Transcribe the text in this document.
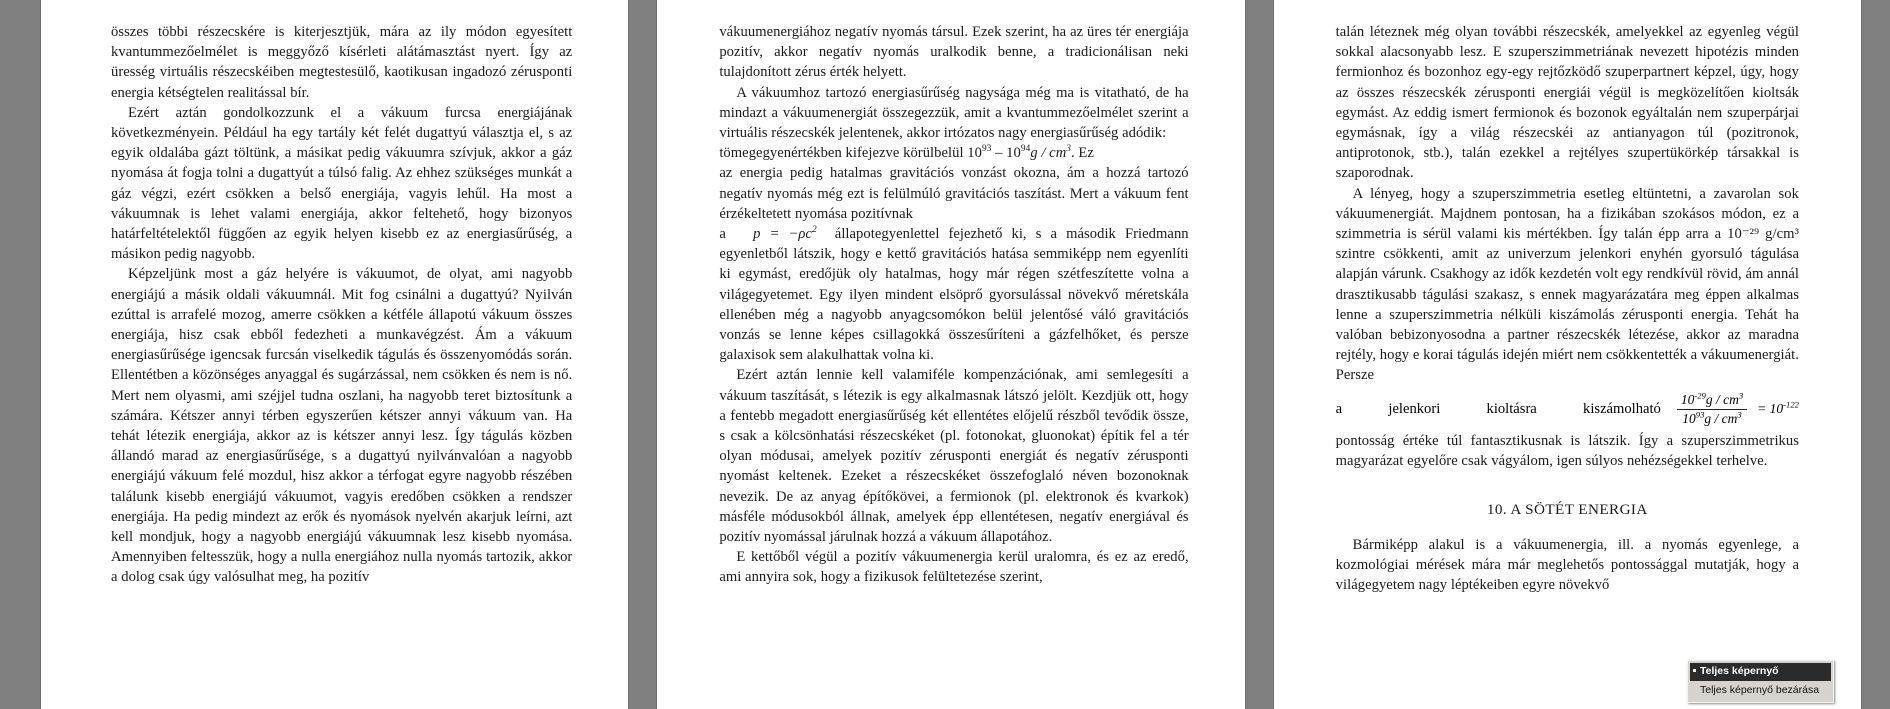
összes többi részecskére is kiterjesztjük, mára az ily módon egyesített kvantummezőelmélet is meggyőző kísérleti alátámasztást nyert. Így az üresség virtuális részecskéiben megtestesülő, kaotikusan ingadozó zérusponti energia kétségtelen realitással bír.

Ezért aztán gondolkozzunk el a vákuum furcsa energiájának következményein. Például ha egy tartály két felét dugattyú választja el, s az egyik oldalába gázt töltünk, a másikat pedig vákuumra szívjuk, akkor a gáz nyomása át fogja tolni a dugattyút a túlsó falig. Az ehhez szükséges munkát a gáz végzi, ezért csökken a belső energiája, vagyis lehűl. Ha most a vákuumnak is lehet valami energiája, akkor feltehető, hogy bizonyos határfeltételektől függően az egyik helyen kisebb ez az energiasűrűség, a másikon pedig nagyobb.

Képzeljünk most a gáz helyére is vákuumot, de olyat, ami nagyobb energiájú a másik oldali vákuumnál. Mit fog csinálni a dugattyú? Nyilván ezúttal is arrafelé mozog, amerre csökken a kétféle állapotú vákuum összes energiája, hisz csak ebből fedezheti a munkavégzést. Ám a vákuum energiasűrűsége igencsak furcsán viselkedik tágulás és összenyomódás során. Ellentétben a közönséges anyaggal és sugárzással, nem csökken és nem is nő. Mert nem olyasmi, ami széjjel tudna oszlani, ha nagyobb teret biztosítunk a számára. Kétszer annyi térben egyszerűen kétszer annyi vákuum van. Ha tehát létezik energiája, akkor az is kétszer annyi lesz. Így tágulás közben állandó marad az energiasűrűsége, s a dugattyú nyilvánvalóan a nagyobb energiájú vákuum felé mozdul, hisz akkor a térfogat egyre nagyobb részében találunk kisebb energiájú vákuumot, vagyis eredőben csökken a rendszer energiája. Ha pedig mindezt az erők és nyomások nyelvén akarjuk leírni, azt kell mondjuk, hogy a nagyobb energiájú vákuumnak lesz kisebb nyomása. Amennyiben feltesszük, hogy a nulla energiához nulla nyomás tartozik, akkor a dolog csak úgy valósulhat meg, ha pozitív

vákuumenergiához negatív nyomás társul. Ezek szerint, ha az üres tér energiája pozitív, akkor negatív nyomás uralkodik benne, a tradicionálisan neki tulajdonított zérus érték helyett.

A vákuumhoz tartozó energiasűrűség nagysága még ma is vitatható, de ha mindazt a vákuumenergiát összegezzük, amit a kvantummezőelmélet szerint a virtuális részecskék jelentenek, akkor irtózatos nagy energiasűrűség adódik:

tömegegyenértékben kifejezve körülbelül $10^{93} - 10^{94}g / cm^3$. Ez

az energia pedig hatalmas gravitációs vonzást okozna, ám a hozzá tartozó negatív nyomás még ezt is felülmúló gravitációs taszítást. Mert a vákuum fent érzékeltetett nyomása pozitívnak

a $p = -\rho c^2$ állapotegyenlettel fejezhető ki, s a második Friedmann egyenletből látszik, hogy e kettő gravitációs hatása semmiképp nem egyenlíti ki egymást, eredőjük oly hatalmas, hogy már régen szétfeszítette volna a világegyetemet. Egy ilyen mindent elsöprő gyorsulással növekvő méretskála ellenében még a nagyobb anyagcsomókon belül jelentősé váló gravitációs vonzás se lenne képes csillagokká összesűríteni a gázfelhőket, és persze galaxisok sem alakulhattak volna ki.

Ezért aztán lennie kell valamiféle kompenzációnak, ami semlegesíti a vákuum taszítását, s létezik is egy alkalmasnak látszó jelölt. Kezdjük ott, hogy a fentebb megadott energiasűrűség két ellentétes előjelű részből tevődik össze, s csak a kölcsönhatási részecskéket (pl. fotonokat, gluonokat) építik fel a tér olyan módusai, amelyek pozitív zérusponti energiát és negatív zérusponti nyomást keltenek. Ezeket a részecskéket összefoglaló néven bozonoknak nevezik. De az anyag építőkövei, a fermionok (pl. elektronok és kvarkok) másféle módusokból állnak, amelyek épp ellentétesen, negatív energiával és pozitív nyomással járulnak hozzá a vákuum állapotához.

E kettőből végül a pozitív vákuumenergia kerül uralomra, és ez az eredő, ami annyira sok, hogy a fizikusok felültetezése szerint,

talán léteznek még olyan további részecskék, amelyekkel az egyenleg végül sokkal alacsonyabb lesz. E szuperszimmetriának nevezett hipotézis minden fermionhoz és bozonhoz egy-egy rejtőzködő szuperpartnert képzel, úgy, hogy az összes részecskék zérusponti energiái végül is megközelítően kioltsák egymást. Az eddig ismert fermionok és bozonok egyáltalán nem szuperpárjai egymásnak, így a világ részecskéi az antianyagon túl (pozitronok, antiprotonok, stb.), talán ezekkel a rejtélyes szupertükörkép társakkal is szaporodnak.

A lényeg, hogy a szuperszimmetria esetleg eltüntetni, a zavarolan sok vákuumenergiát. Majdnem pontosan, ha a fizikában szokásos módon, ez a szimmetria is sérül valami kis mértékben. Így talán épp arra a 10⁻²⁹ g/cm³ szintre csökkenti, amit az univerzum jelenkori enyhén gyorsuló tágulása alapján várunk. Csakhogy az idők kezdetén volt egy rendkívül rövid, ám annál drasztikusabb tágulási szakasz, s ennek magyarázatára meg éppen alkalmas lenne a szuperszimmetria nélküli kiszámolás zérusponti energia. Tehát ha valóban bebizonyosodna a partner részecskék létezése, akkor az maradna rejtély, hogy e korai tágulás idején miért nem csökkentették a vákuumenergiát. Persze

a jelenkori kioltásra kiszámolható	$\frac{10^{-29}g / cm^3}{10^{93}g / cm^3} = 10^{-122}$

pontosság értéke túl fantasztikusnak is látszik. Így a szuperszimmetrikus magyarázat egyelőre csak vágyálom, igen súlyos nehézségekkel terhelve.

10. A SÖTÉT ENERGIA

Bármiképp alakul is a vákuumenergia, ill. a nyomás egyenlege, a kozmológiai mérések mára már meglehetős pontossággal mutatják, hogy a világegyetem nagy léptékeiben egyre növekvő

Teljes képernyő
Teljes képernyő bezárása
